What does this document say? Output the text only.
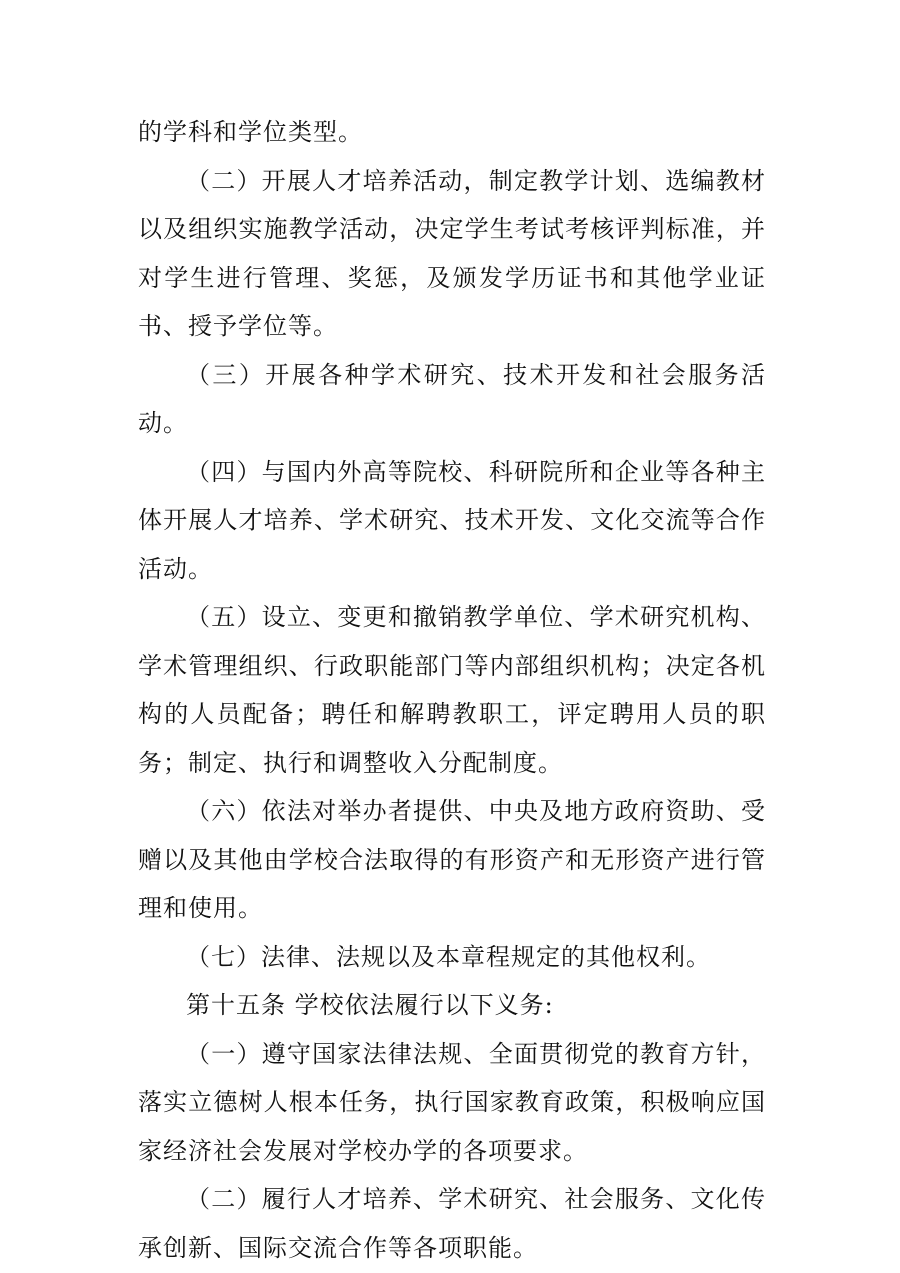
的学科和学位类型。

（二）开展人才培养活动，制定教学计划、选编教材以及组织实施教学活动，决定学生考试考核评判标准，并对学生进行管理、奖惩，及颁发学历证书和其他学业证书、授予学位等。

（三）开展各种学术研究、技术开发和社会服务活动。

（四）与国内外高等院校、科研院所和企业等各种主体开展人才培养、学术研究、技术开发、文化交流等合作活动。

（五）设立、变更和撤销教学单位、学术研究机构、学术管理组织、行政职能部门等内部组织机构；决定各机构的人员配备；聘任和解聘教职工，评定聘用人员的职务；制定、执行和调整收入分配制度。

（六）依法对举办者提供、中央及地方政府资助、受赠以及其他由学校合法取得的有形资产和无形资产进行管理和使用。

（七）法律、法规以及本章程规定的其他权利。

第十五条 学校依法履行以下义务:

（一）遵守国家法律法规、全面贯彻党的教育方针，落实立德树人根本任务，执行国家教育政策，积极响应国家经济社会发展对学校办学的各项要求。

（二）履行人才培养、学术研究、社会服务、文化传承创新、国际交流合作等各项职能。
